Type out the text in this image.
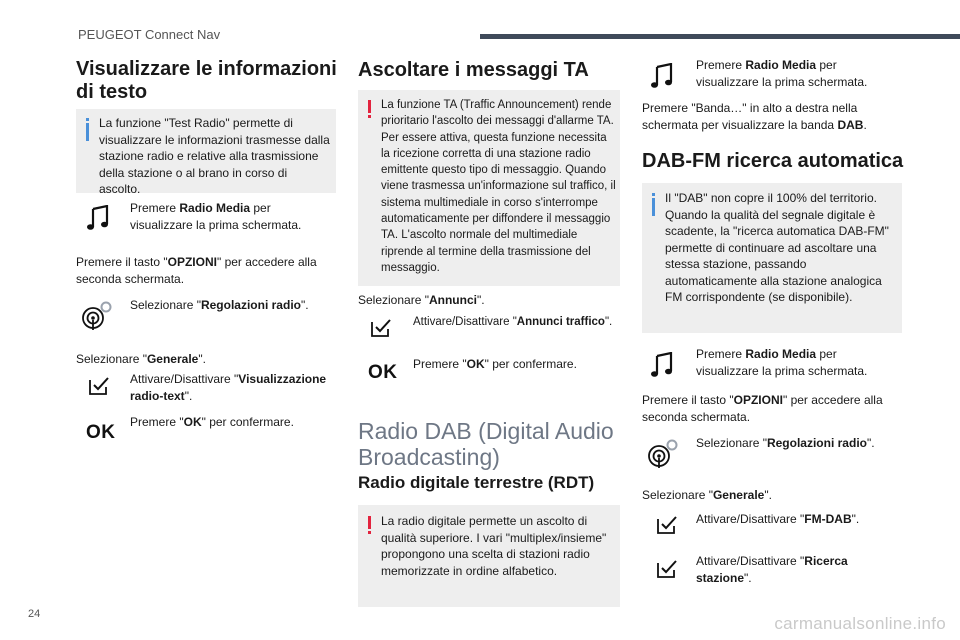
PEUGEOT Connect Nav
Visualizzare le informazioni di testo
La funzione "Test Radio" permette di visualizzare le informazioni trasmesse dalla stazione radio e relative alla trasmissione della stazione o al brano in corso di ascolto.
Premere Radio Media per visualizzare la prima schermata.
Premere il tasto "OPZIONI" per accedere alla seconda schermata.
Selezionare "Regolazioni radio".
Selezionare "Generale".
Attivare/Disattivare "Visualizzazione radio-text".
OK Premere "OK" per confermare.
Ascoltare i messaggi TA
La funzione TA (Traffic Announcement) rende prioritario l'ascolto dei messaggi d'allarme TA. Per essere attiva, questa funzione necessita la ricezione corretta di una stazione radio emittente questo tipo di messaggio. Quando viene trasmessa un'informazione sul traffico, il sistema multimediale in corso s'interrompe automaticamente per diffondere il messaggio TA. L'ascolto normale del multimediale riprende al termine della trasmissione del messaggio.
Selezionare "Annunci".
Attivare/Disattivare "Annunci traffico".
OK Premere "OK" per confermare.
Radio DAB (Digital Audio Broadcasting)
Radio digitale terrestre (RDT)
La radio digitale permette un ascolto di qualità superiore. I vari "multiplex/insieme" propongono una scelta di stazioni radio memorizzate in ordine alfabetico.
Premere Radio Media per visualizzare la prima schermata.
Premere "Banda…" in alto a destra nella schermata per visualizzare la banda DAB.
DAB-FM ricerca automatica
Il "DAB" non copre il 100% del territorio. Quando la qualità del segnale digitale è scadente, la "ricerca automatica DAB-FM" permette di continuare ad ascoltare una stessa stazione, passando automaticamente alla stazione analogica FM corrispondente (se disponibile).
Premere Radio Media per visualizzare la prima schermata.
Premere il tasto "OPZIONI" per accedere alla seconda schermata.
Selezionare "Regolazioni radio".
Selezionare "Generale".
Attivare/Disattivare "FM-DAB".
Attivare/Disattivare "Ricerca stazione".
24	carmanualsonline.info
